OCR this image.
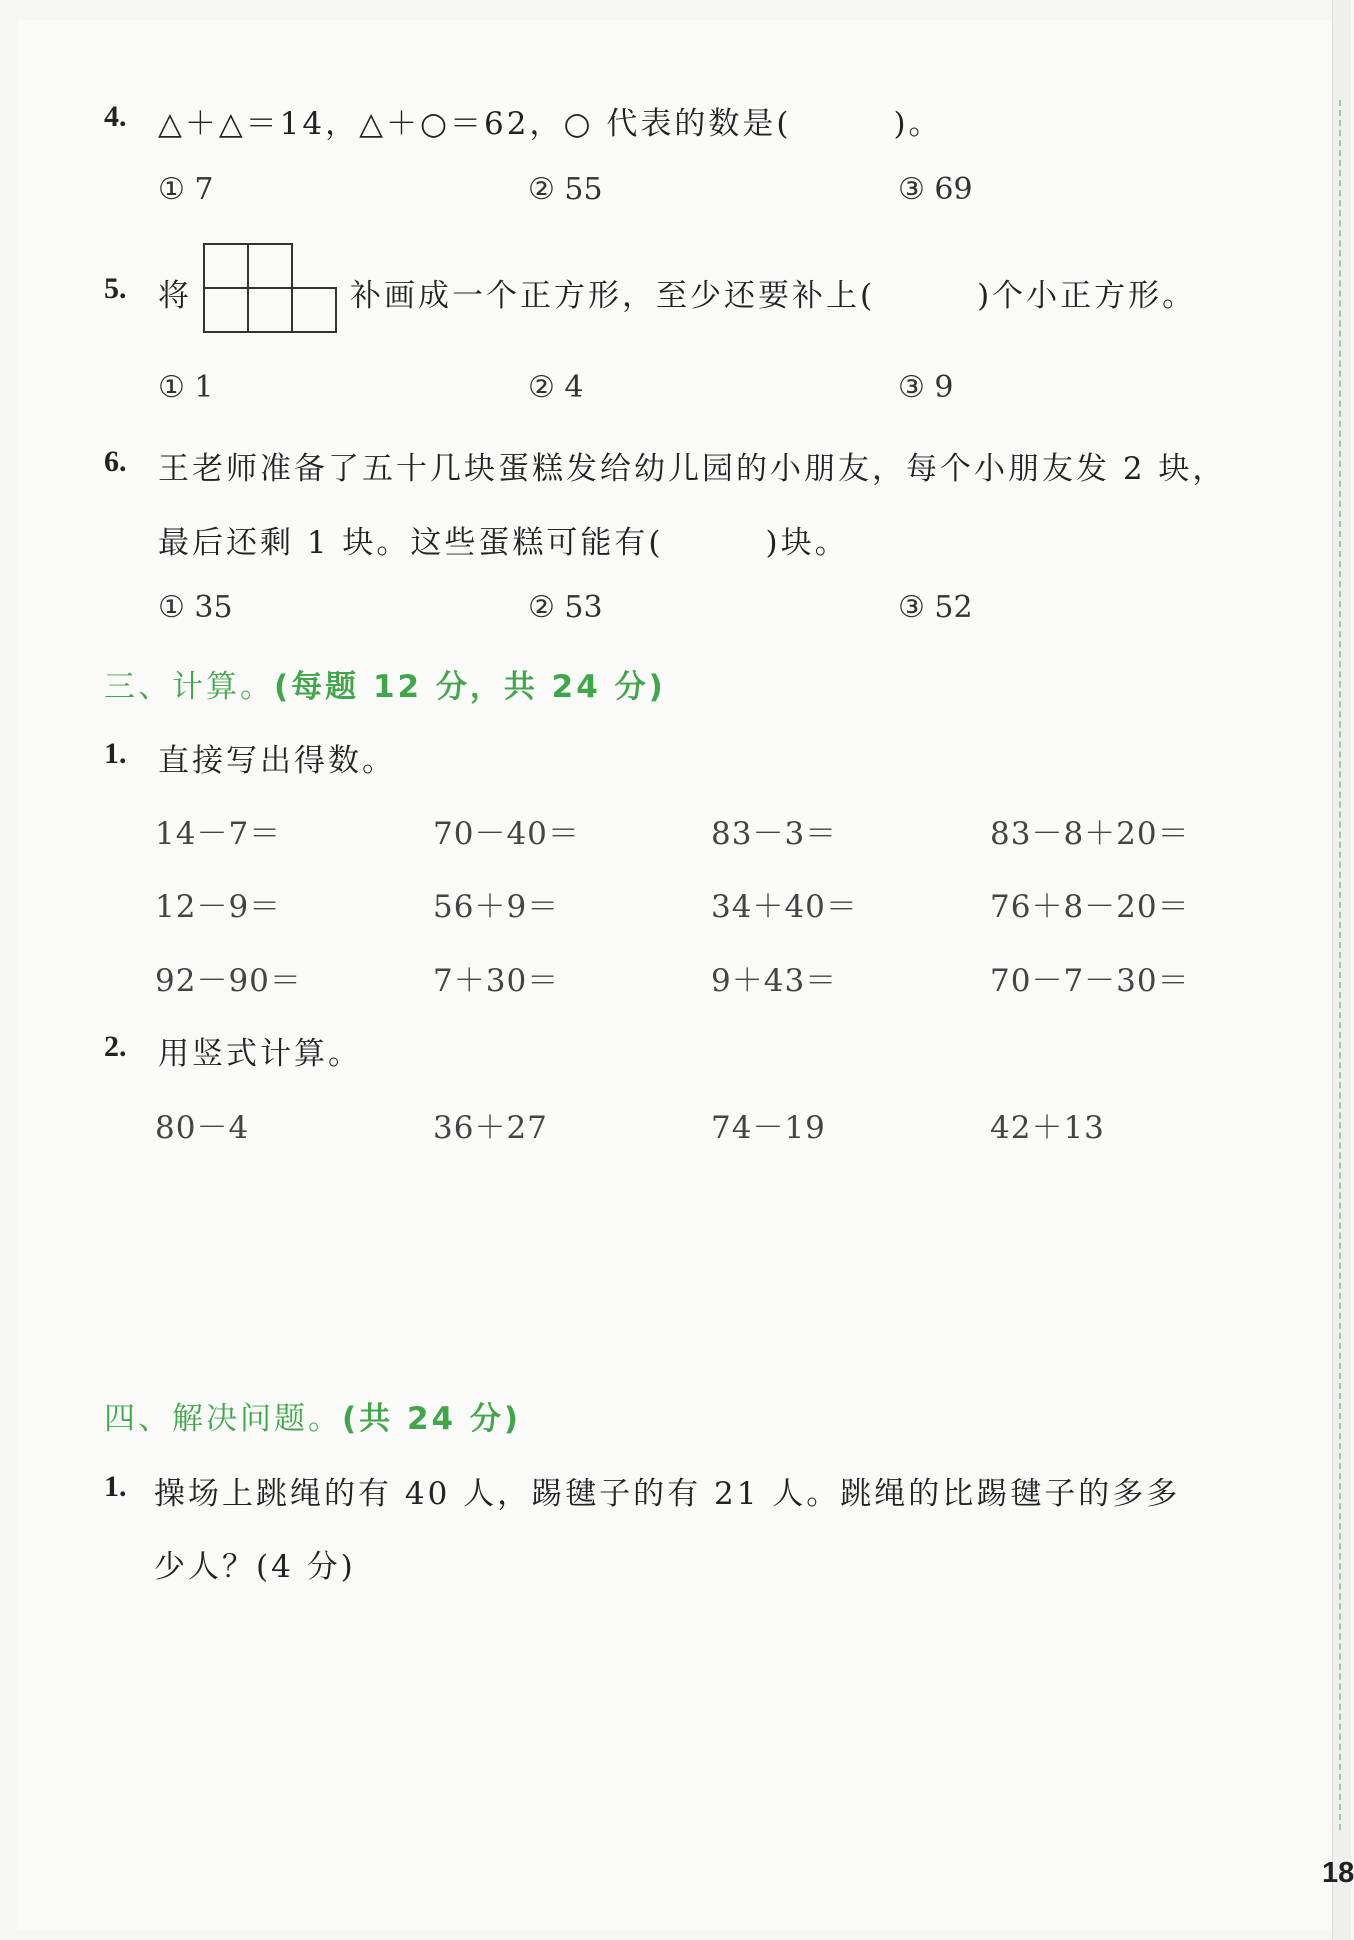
4. △＋△＝14，△＋○＝62，○ 代表的数是(　　　)。
① 7	② 55	③ 69
5. 将	补画成一个正方形，至少还要补上(　　　)个小正方形。
① 1	② 4	③ 9
6. 王老师准备了五十几块蛋糕发给幼儿园的小朋友，每个小朋友发 2 块，
最后还剩 1 块。这些蛋糕可能有(　　　)块。
① 35	② 53	③ 52
三、计算。(每题 12 分，共 24 分)
1. 直接写出得数。
14－7＝	70－40＝	83－3＝	83－8＋20＝
12－9＝	56＋9＝	34＋40＝	76＋8－20＝
92－90＝	7＋30＝	9＋43＝	70－7－30＝
2. 用竖式计算。
80－4	36＋27	74－19	42＋13
四、解决问题。(共 24 分)
1. 操场上跳绳的有 40 人，踢毽子的有 21 人。跳绳的比踢毽子的多多
少人？(4 分)
18
